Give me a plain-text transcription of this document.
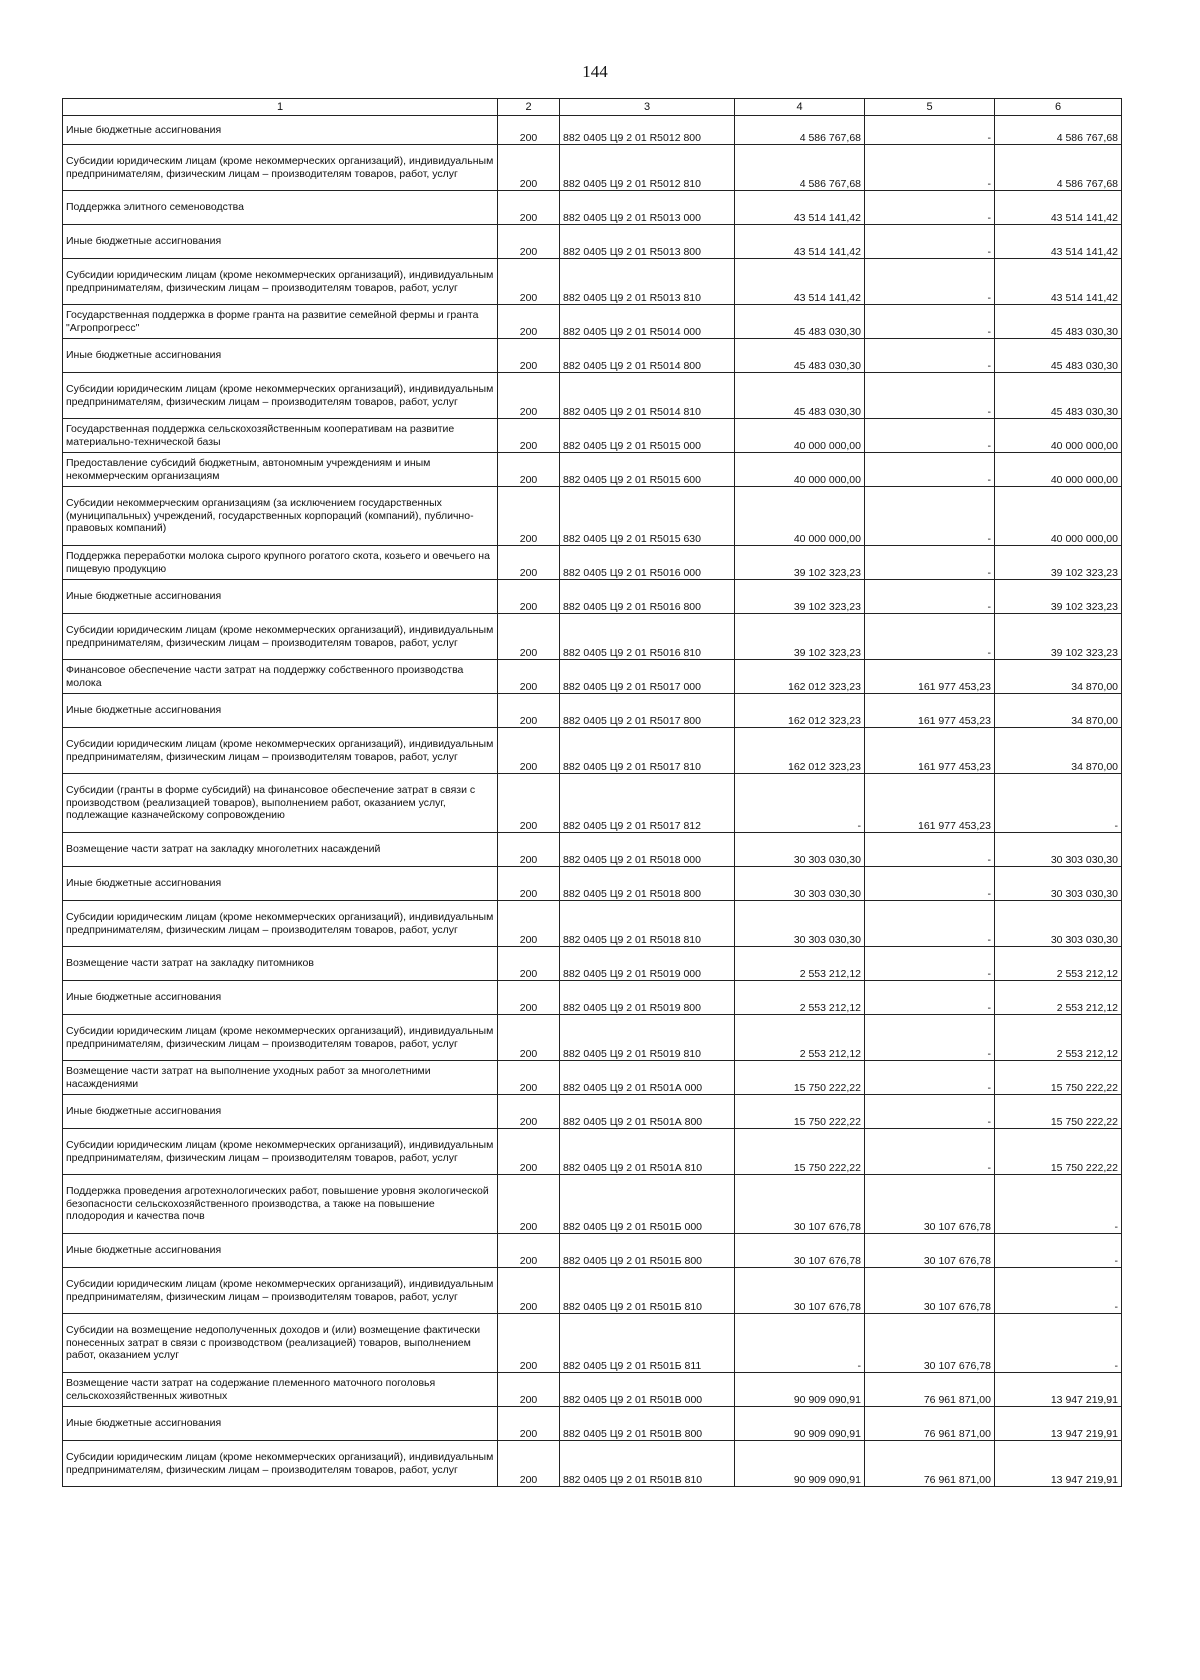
144
1	2	3	4	5	6
Иные бюджетные ассигнования	200	882 0405 Ц9 2 01 R5012 800	4 586 767,68	-	4 586 767,68
Субсидии юридическим лицам (кроме некоммерческих организаций), индивидуальным предпринимателям, физическим лицам – производителям товаров, работ, услуг	200	882 0405 Ц9 2 01 R5012 810	4 586 767,68	-	4 586 767,68
Поддержка элитного семеноводства	200	882 0405 Ц9 2 01 R5013 000	43 514 141,42	-	43 514 141,42
Иные бюджетные ассигнования	200	882 0405 Ц9 2 01 R5013 800	43 514 141,42	-	43 514 141,42
Субсидии юридическим лицам (кроме некоммерческих организаций), индивидуальным предпринимателям, физическим лицам – производителям товаров, работ, услуг	200	882 0405 Ц9 2 01 R5013 810	43 514 141,42	-	43 514 141,42
Государственная поддержка в форме гранта на развитие семейной фермы и гранта "Агропрогресс"	200	882 0405 Ц9 2 01 R5014 000	45 483 030,30	-	45 483 030,30
Иные бюджетные ассигнования	200	882 0405 Ц9 2 01 R5014 800	45 483 030,30	-	45 483 030,30
Субсидии юридическим лицам (кроме некоммерческих организаций), индивидуальным предпринимателям, физическим лицам – производителям товаров, работ, услуг	200	882 0405 Ц9 2 01 R5014 810	45 483 030,30	-	45 483 030,30
Государственная поддержка сельскохозяйственным кооперативам на развитие материально-технической базы	200	882 0405 Ц9 2 01 R5015 000	40 000 000,00	-	40 000 000,00
Предоставление субсидий бюджетным, автономным учреждениям и иным некоммерческим организациям	200	882 0405 Ц9 2 01 R5015 600	40 000 000,00	-	40 000 000,00
Субсидии некоммерческим организациям (за исключением государственных (муниципальных) учреждений, государственных корпораций (компаний), публично-правовых компаний)	200	882 0405 Ц9 2 01 R5015 630	40 000 000,00	-	40 000 000,00
Поддержка переработки молока сырого крупного рогатого скота, козьего и овечьего на пищевую продукцию	200	882 0405 Ц9 2 01 R5016 000	39 102 323,23	-	39 102 323,23
Иные бюджетные ассигнования	200	882 0405 Ц9 2 01 R5016 800	39 102 323,23	-	39 102 323,23
Субсидии юридическим лицам (кроме некоммерческих организаций), индивидуальным предпринимателям, физическим лицам – производителям товаров, работ, услуг	200	882 0405 Ц9 2 01 R5016 810	39 102 323,23	-	39 102 323,23
Финансовое обеспечение части затрат на поддержку собственного производства молока	200	882 0405 Ц9 2 01 R5017 000	162 012 323,23	161 977 453,23	34 870,00
Иные бюджетные ассигнования	200	882 0405 Ц9 2 01 R5017 800	162 012 323,23	161 977 453,23	34 870,00
Субсидии юридическим лицам (кроме некоммерческих организаций), индивидуальным предпринимателям, физическим лицам – производителям товаров, работ, услуг	200	882 0405 Ц9 2 01 R5017 810	162 012 323,23	161 977 453,23	34 870,00
Субсидии (гранты в форме субсидий) на финансовое обеспечение затрат в связи с производством (реализацией товаров), выполнением работ, оказанием услуг, подлежащие казначейскому сопровождению	200	882 0405 Ц9 2 01 R5017 812	-	161 977 453,23	-
Возмещение части затрат на закладку многолетних насаждений	200	882 0405 Ц9 2 01 R5018 000	30 303 030,30	-	30 303 030,30
Иные бюджетные ассигнования	200	882 0405 Ц9 2 01 R5018 800	30 303 030,30	-	30 303 030,30
Субсидии юридическим лицам (кроме некоммерческих организаций), индивидуальным предпринимателям, физическим лицам – производителям товаров, работ, услуг	200	882 0405 Ц9 2 01 R5018 810	30 303 030,30	-	30 303 030,30
Возмещение части затрат на закладку питомников	200	882 0405 Ц9 2 01 R5019 000	2 553 212,12	-	2 553 212,12
Иные бюджетные ассигнования	200	882 0405 Ц9 2 01 R5019 800	2 553 212,12	-	2 553 212,12
Субсидии юридическим лицам (кроме некоммерческих организаций), индивидуальным предпринимателям, физическим лицам – производителям товаров, работ, услуг	200	882 0405 Ц9 2 01 R5019 810	2 553 212,12	-	2 553 212,12
Возмещение части затрат на выполнение уходных работ за многолетними насаждениями	200	882 0405 Ц9 2 01 R501А 000	15 750 222,22	-	15 750 222,22
Иные бюджетные ассигнования	200	882 0405 Ц9 2 01 R501А 800	15 750 222,22	-	15 750 222,22
Субсидии юридическим лицам (кроме некоммерческих организаций), индивидуальным предпринимателям, физическим лицам – производителям товаров, работ, услуг	200	882 0405 Ц9 2 01 R501А 810	15 750 222,22	-	15 750 222,22
Поддержка проведения агротехнологических работ, повышение уровня экологической безопасности сельскохозяйственного производства, а также на повышение плодородия и качества почв	200	882 0405 Ц9 2 01 R501Б 000	30 107 676,78	30 107 676,78	-
Иные бюджетные ассигнования	200	882 0405 Ц9 2 01 R501Б 800	30 107 676,78	30 107 676,78	-
Субсидии юридическим лицам (кроме некоммерческих организаций), индивидуальным предпринимателям, физическим лицам – производителям товаров, работ, услуг	200	882 0405 Ц9 2 01 R501Б 810	30 107 676,78	30 107 676,78	-
Субсидии на возмещение недополученных доходов и (или) возмещение фактически понесенных затрат в связи с производством (реализацией) товаров, выполнением работ, оказанием услуг	200	882 0405 Ц9 2 01 R501Б 811	-	30 107 676,78	-
Возмещение части затрат на содержание племенного маточного поголовья сельскохозяйственных животных	200	882 0405 Ц9 2 01 R501В 000	90 909 090,91	76 961 871,00	13 947 219,91
Иные бюджетные ассигнования	200	882 0405 Ц9 2 01 R501В 800	90 909 090,91	76 961 871,00	13 947 219,91
Субсидии юридическим лицам (кроме некоммерческих организаций), индивидуальным предпринимателям, физическим лицам – производителям товаров, работ, услуг	200	882 0405 Ц9 2 01 R501В 810	90 909 090,91	76 961 871,00	13 947 219,91
